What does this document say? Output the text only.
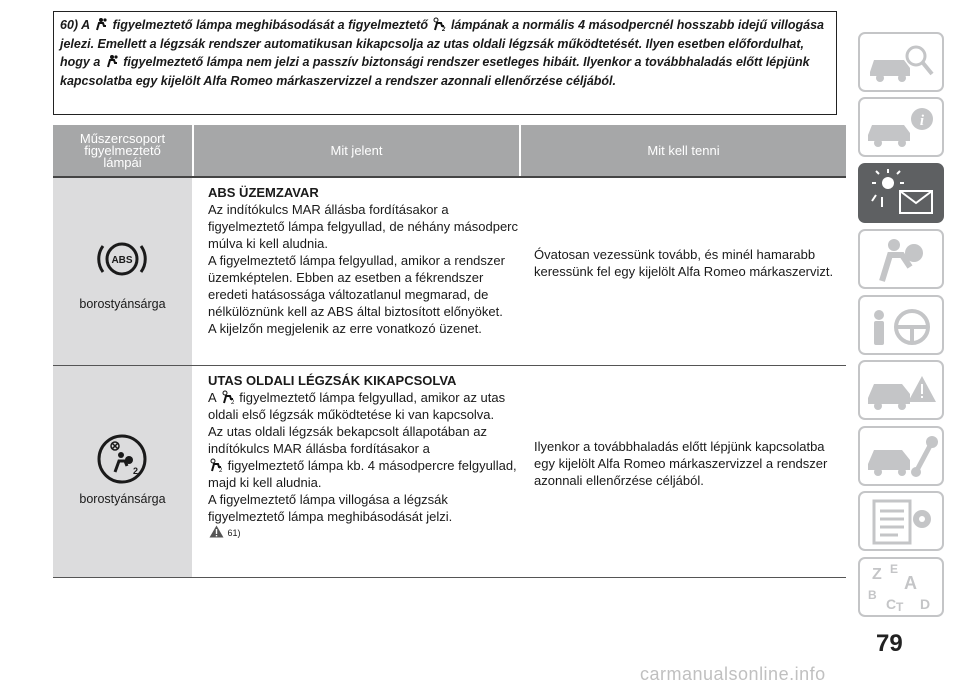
60) A figyelmeztető lámpa meghibásodását a figyelmeztető 2 lámpának a normális 4 másodpercnél hosszabb idejű villogása jelezi. Emellett a légzsák rendszer automatikusan kikapcsolja az utas oldali légzsák működtetését. Ilyen esetben előfordulhat, hogy a figyelmeztető lámpa nem jelzi a passzív biztonsági rendszer esetleges hibáit. Ilyenkor a továbbhaladás előtt lépjünk kapcsolatba egy kijelölt Alfa Romeo márkaszervizzel a rendszer azonnali ellenőrzése céljából.
Műszercsoport figyelmeztető lámpái
Mit jelent	Mit kell tenni
ABS
borostyánsárga
ABS ÜZEMZAVAR
Az indítókulcs MAR állásba fordításakor a figyelmeztető lámpa felgyullad, de néhány másodperc múlva ki kell aludnia.
A figyelmeztető lámpa felgyullad, amikor a rendszer üzemképtelen. Ebben az esetben a fékrendszer eredeti hatásossága változatlanul megmarad, de nélkülöznünk kell az ABS által biztosított előnyöket.
A kijelzőn megjelenik az erre vonatkozó üzenet.
Óvatosan vezessünk tovább, és minél hamarabb keressünk fel egy kijelölt Alfa Romeo márkaszervizt.
2
borostyánsárga
UTAS OLDALI LÉGZSÁK KIKAPCSOLVA
A 2 figyelmeztető lámpa felgyullad, amikor az utas oldali első légzsák működtetése ki van kapcsolva.
Az utas oldali légzsák bekapcsolt állapotában az indítókulcs MAR állásba fordításakor a
2 figyelmeztető lámpa kb. 4 másodpercre felgyullad, majd ki kell aludnia.
A figyelmeztető lámpa villogása a légzsák figyelmeztető lámpa meghibásodását jelzi.
61)
Ilyenkor a továbbhaladás előtt lépjünk kapcsolatba egy kijelölt Alfa Romeo márkaszervizzel a rendszer azonnali ellenőrzése céljából.
i
Z E
A
B
C T D
79
carmanualsonline.info
